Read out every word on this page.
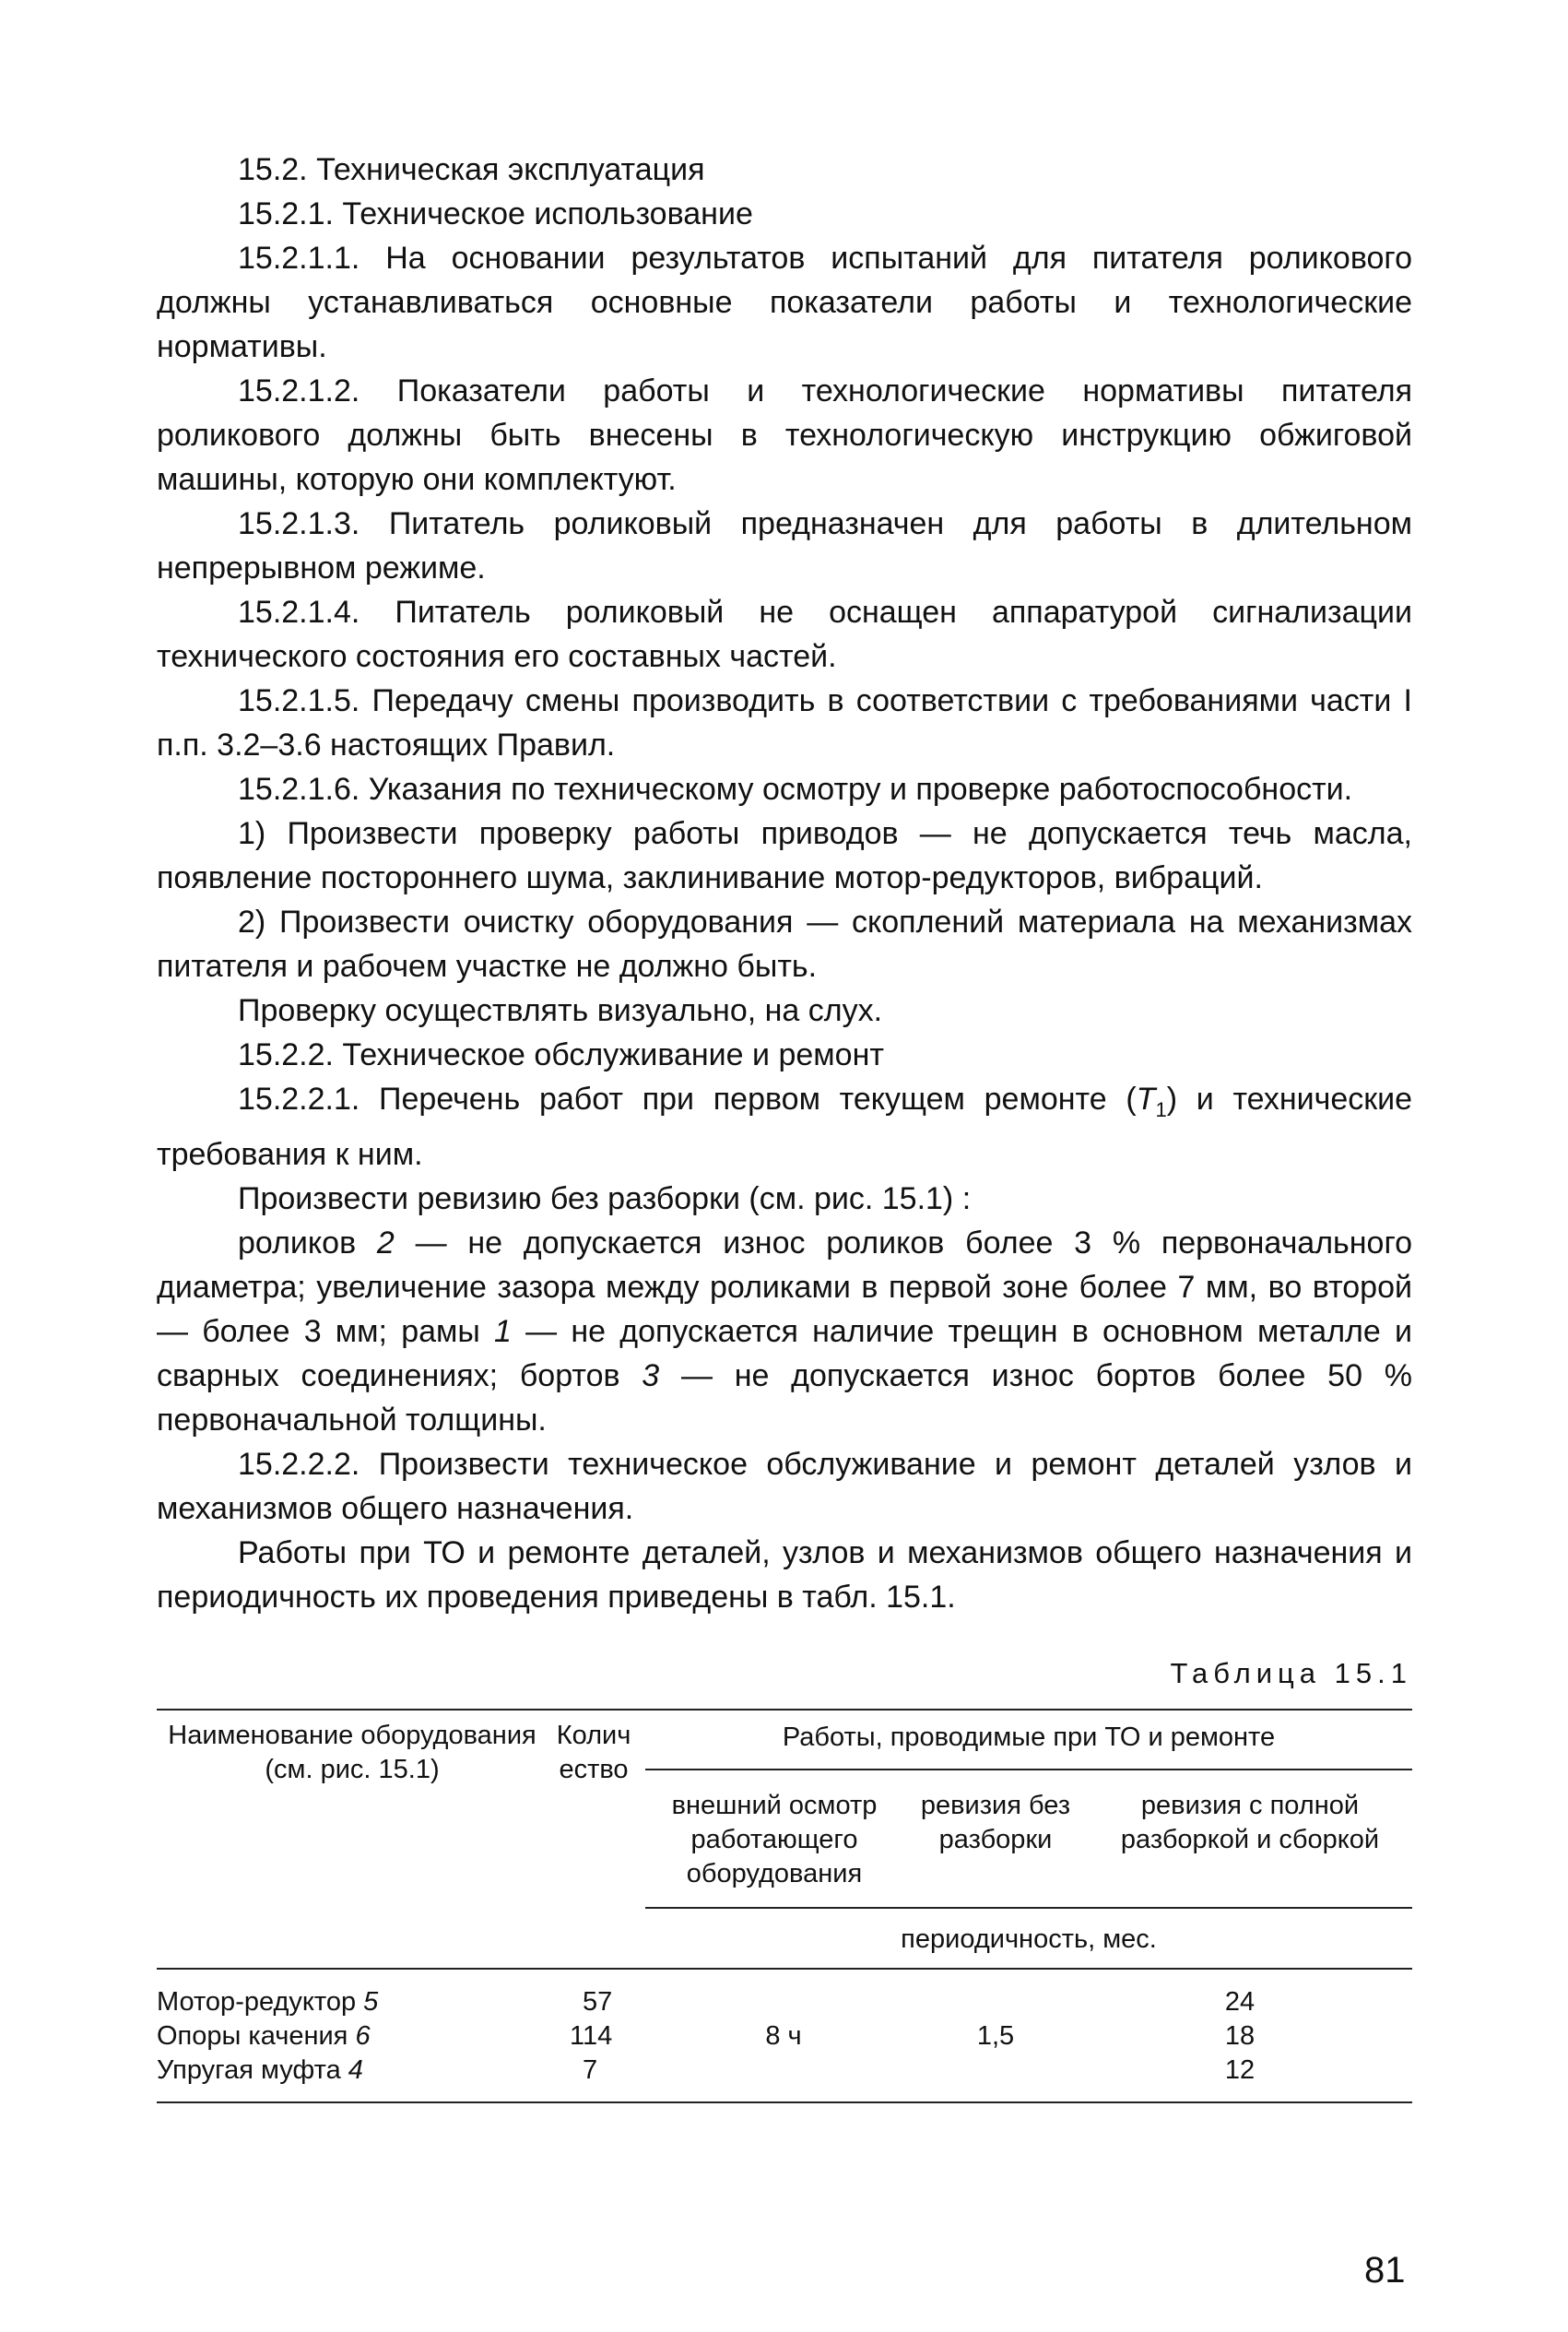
15.2. Техническая эксплуатация

15.2.1. Техническое использование

15.2.1.1. На основании результатов испытаний для питателя роликового должны устанавливаться основные показатели работы и технологические нормативы.

15.2.1.2. Показатели работы и технологические нормативы питателя роликового должны быть внесены в технологическую инструкцию обжиговой машины, которую они комплектуют.

15.2.1.3. Питатель роликовый предназначен для работы в длительном непрерывном режиме.

15.2.1.4. Питатель роликовый не оснащен аппаратурой сигнализации технического состояния его составных частей.

15.2.1.5. Передачу смены производить в соответствии с требованиями части I п.п. 3.2–3.6 настоящих Правил.

15.2.1.6. Указания по техническому осмотру и проверке работоспособности.

1) Произвести проверку работы приводов — не допускается течь масла, появление постороннего шума, заклинивание мотор-редукторов, вибраций.

2) Произвести очистку оборудования — скоплений материала на механизмах питателя и рабочем участке не должно быть.

Проверку осуществлять визуально, на слух.

15.2.2. Техническое обслуживание и ремонт

15.2.2.1. Перечень работ при первом текущем ремонте $(T_1)$ и технические требования к ним.

Произвести ревизию без разборки (см. рис. 15.1) :

роликов 2 — не допускается износ роликов более 3 % первоначального диаметра; увеличение зазора между роликами в первой зоне более 7 мм, во второй — более 3 мм; рамы 1 — не допускается наличие трещин в основном металле и сварных соединениях; бортов 3 — не допускается износ бортов более 50 % первоначальной толщины.

15.2.2.2. Произвести техническое обслуживание и ремонт деталей узлов и механизмов общего назначения.

Работы при ТО и ремонте деталей, узлов и механизмов общего назначения и периодичность их проведения приведены в табл. 15.1.

Таблица 15.1
Наименование оборудования (см. рис. 15.1)
Количество
Работы, проводимые при ТО и ремонте
внешний осмотр работающего оборудования
ревизия без разборки
ревизия с полной разборкой и сборкой
периодичность, мес.
Мотор-редуктор 5
Опоры качения 6
Упругая муфта 4
57
114
7
8 ч	1,5
24
18
12
81
